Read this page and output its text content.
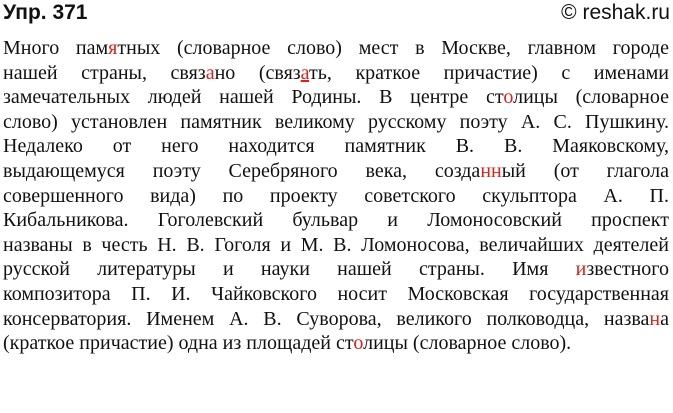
Упр. 371	© reshak.ru
Много памятных (словарное слово) мест в Москве, главном городе
нашей страны, связано (связать, краткое причастие) с именами
замечательных людей нашей Родины. В центре столицы (словарное
слово) установлен памятник великому русскому поэту А. С. Пушкину.
Недалеко от него находится памятник В. В. Маяковскому,
выдающемуся поэту Серебряного века, созданный (от глагола
совершенного вида) по проекту советского скульптора А. П.
Кибальникова. Гоголевский бульвар и Ломоносовский проспект
названы в честь Н. В. Гоголя и М. В. Ломоносова, величайших деятелей
русской литературы и науки нашей страны. Имя известного
композитора П. И. Чайковского носит Московская государственная
консерватория. Именем А. В. Суворова, великого полководца, названа
(краткое причастие) одна из площадей столицы (словарное слово).
